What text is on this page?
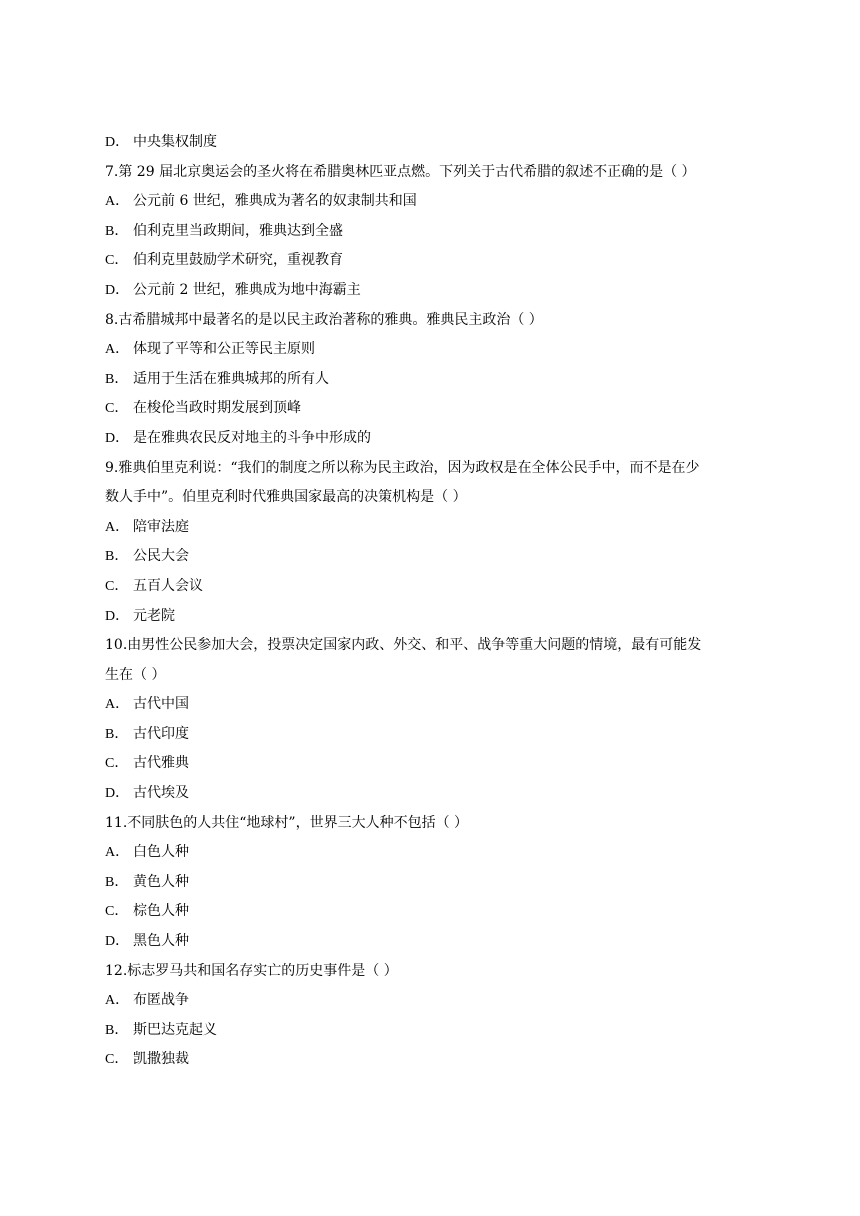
D． 中央集权制度
7.第 29 届北京奥运会的圣火将在希腊奥林匹亚点燃。下列关于古代希腊的叙述不正确的是（ ）
A． 公元前 6 世纪，雅典成为著名的奴隶制共和国
B． 伯利克里当政期间，雅典达到全盛
C． 伯利克里鼓励学术研究，重视教育
D． 公元前 2 世纪，雅典成为地中海霸主
8.古希腊城邦中最著名的是以民主政治著称的雅典。雅典民主政治（ ）
A． 体现了平等和公正等民主原则
B． 适用于生活在雅典城邦的所有人
C． 在梭伦当政时期发展到顶峰
D． 是在雅典农民反对地主的斗争中形成的
9.雅典伯里克利说：“我们的制度之所以称为民主政治，因为政权是在全体公民手中，而不是在少
数人手中”。伯里克利时代雅典国家最高的决策机构是（ ）
A． 陪审法庭
B． 公民大会
C． 五百人会议
D． 元老院
10.由男性公民参加大会，投票决定国家内政、外交、和平、战争等重大问题的情境，最有可能发
生在（ ）
A． 古代中国
B． 古代印度
C． 古代雅典
D． 古代埃及
11.不同肤色的人共住“地球村”，世界三大人种不包括（ ）
A． 白色人种
B． 黄色人种
C． 棕色人种
D． 黑色人种
12.标志罗马共和国名存实亡的历史事件是（ ）
A． 布匿战争
B． 斯巴达克起义
C． 凯撒独裁
